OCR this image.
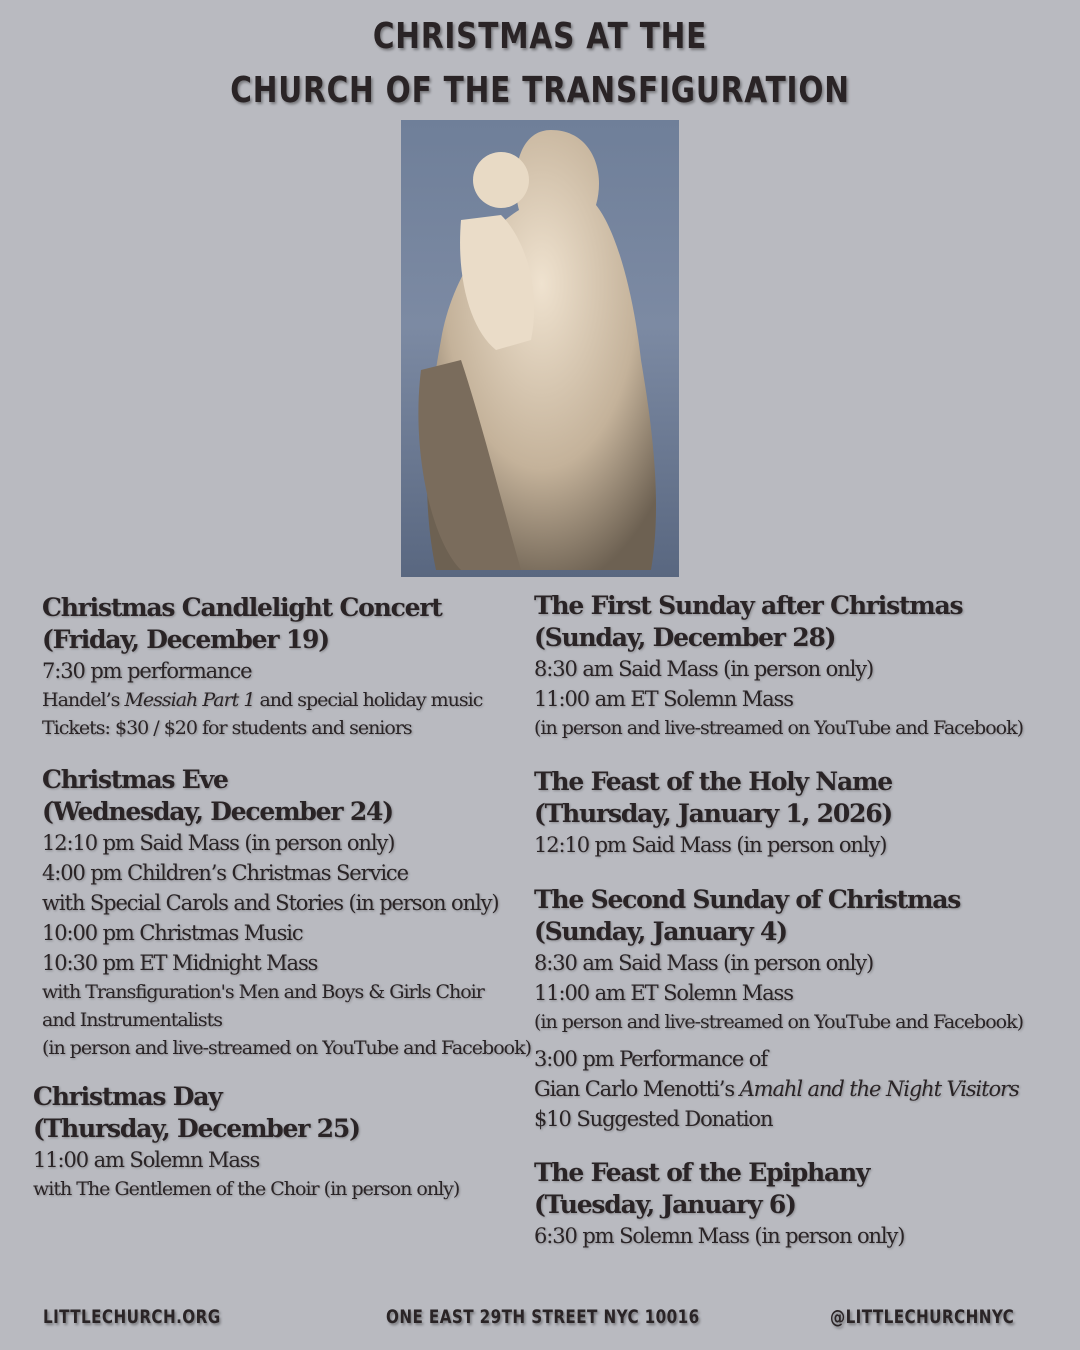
CHRISTMAS AT THE
CHURCH OF THE TRANSFIGURATION
Christmas Candlelight Concert
(Friday, December 19)
7:30 pm performance
Handel’s Messiah Part 1 and special holiday music
Tickets: $30 / $20 for students and seniors
Christmas Eve
(Wednesday, December 24)
12:10 pm Said Mass (in person only)
4:00 pm Children’s Christmas Service
with Special Carols and Stories (in person only)
10:00 pm Christmas Music
10:30 pm ET Midnight Mass
with Transfiguration's Men and Boys & Girls Choir
and Instrumentalists
(in person and live-streamed on YouTube and Facebook)
Christmas Day
(Thursday, December 25)
11:00 am Solemn Mass
with The Gentlemen of the Choir (in person only)
The First Sunday after Christmas
(Sunday, December 28)
8:30 am Said Mass (in person only)
11:00 am ET Solemn Mass
(in person and live-streamed on YouTube and Facebook)
The Feast of the Holy Name
(Thursday, January 1, 2026)
12:10 pm Said Mass (in person only)
The Second Sunday of Christmas
(Sunday, January 4)
8:30 am Said Mass (in person only)
11:00 am ET Solemn Mass
(in person and live-streamed on YouTube and Facebook)
3:00 pm Performance of
Gian Carlo Menotti’s Amahl and the Night Visitors
$10 Suggested Donation
The Feast of the Epiphany
(Tuesday, January 6)
6:30 pm Solemn Mass (in person only)
LITTLECHURCH.ORG	ONE EAST 29TH STREET NYC 10016	@LITTLECHURCHNYC
